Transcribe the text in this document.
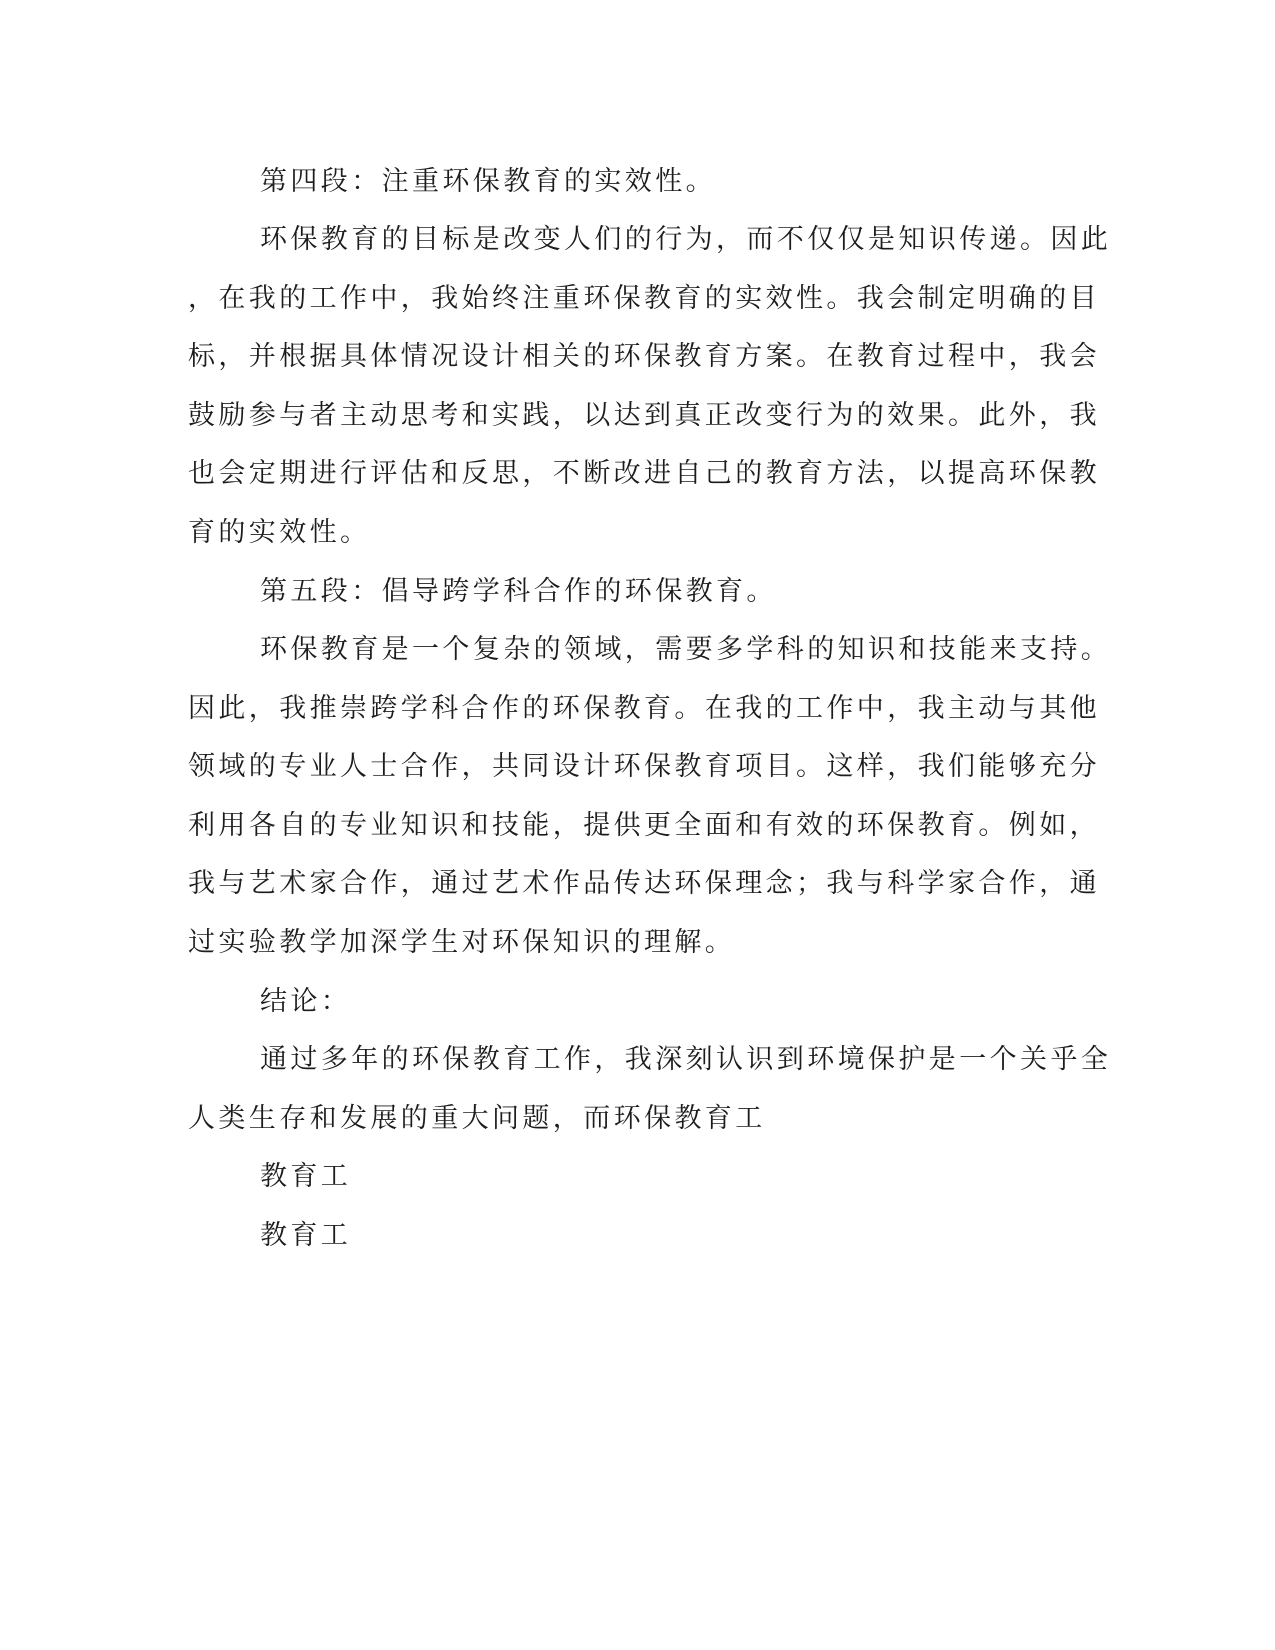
第四段：注重环保教育的实效性。
环保教育的目标是改变人们的行为，而不仅仅是知识传递。因此
，在我的工作中，我始终注重环保教育的实效性。我会制定明确的目
标，并根据具体情况设计相关的环保教育方案。在教育过程中，我会
鼓励参与者主动思考和实践，以达到真正改变行为的效果。此外，我
也会定期进行评估和反思，不断改进自己的教育方法，以提高环保教
育的实效性。
第五段：倡导跨学科合作的环保教育。
环保教育是一个复杂的领域，需要多学科的知识和技能来支持。
因此，我推崇跨学科合作的环保教育。在我的工作中，我主动与其他
领域的专业人士合作，共同设计环保教育项目。这样，我们能够充分
利用各自的专业知识和技能，提供更全面和有效的环保教育。例如，
我与艺术家合作，通过艺术作品传达环保理念；我与科学家合作，通
过实验教学加深学生对环保知识的理解。
结论：
通过多年的环保教育工作，我深刻认识到环境保护是一个关乎全
人类生存和发展的重大问题，而环保教育工
教育工
教育工
